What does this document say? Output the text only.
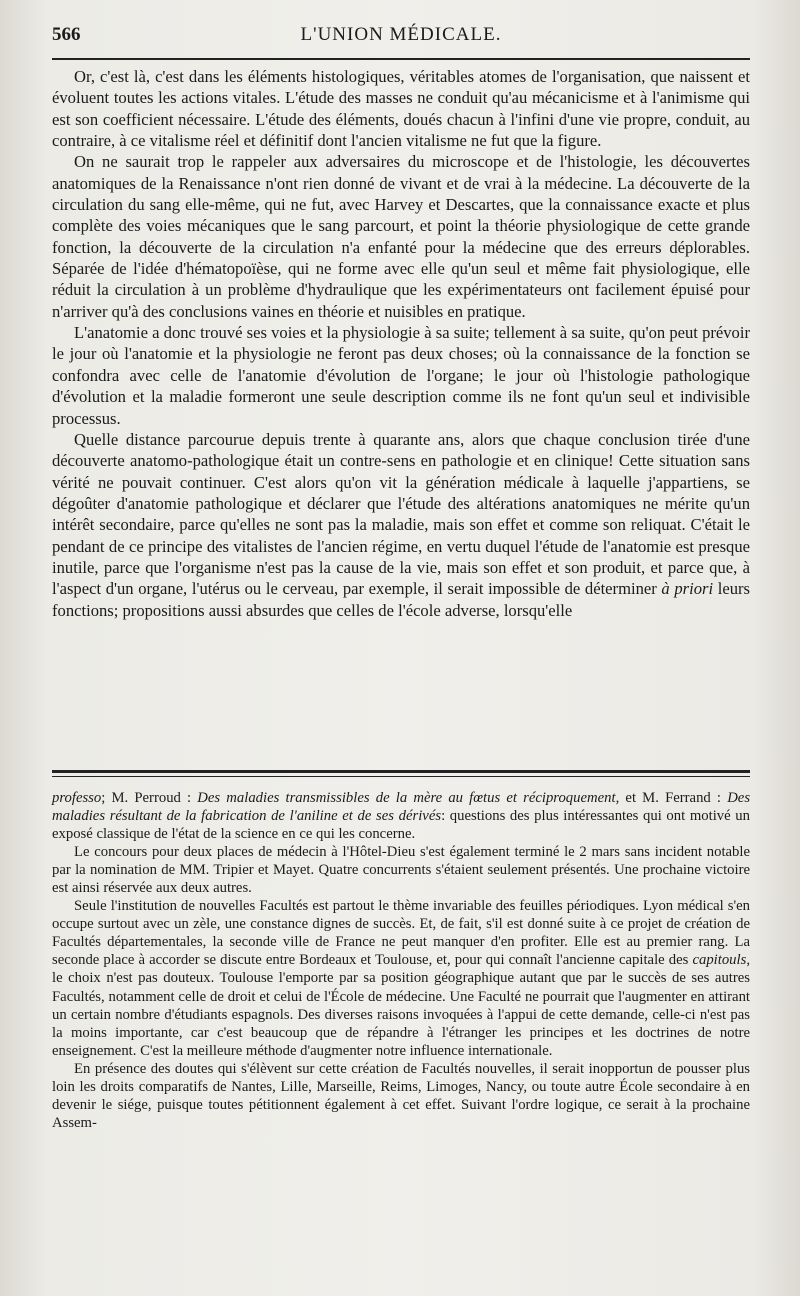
566	L'UNION MÉDICALE.

Or, c'est là, c'est dans les éléments histologiques, véritables atomes de l'organisation, que naissent et évoluent toutes les actions vitales. L'étude des masses ne conduit qu'au mécanicisme et à l'animisme qui est son coefficient nécessaire. L'étude des éléments, doués chacun à l'infini d'une vie propre, conduit, au contraire, à ce vitalisme réel et définitif dont l'ancien vitalisme ne fut que la figure.

On ne saurait trop le rappeler aux adversaires du microscope et de l'histologie, les découvertes anatomiques de la Renaissance n'ont rien donné de vivant et de vrai à la médecine. La découverte de la circulation du sang elle-même, qui ne fut, avec Harvey et Descartes, que la connaissance exacte et plus complète des voies mécaniques que le sang parcourt, et point la théorie physiologique de cette grande fonction, la découverte de la circulation n'a enfanté pour la médecine que des erreurs déplorables. Séparée de l'idée d'hématopoïèse, qui ne forme avec elle qu'un seul et même fait physiologique, elle réduit la circulation à un problème d'hydraulique que les expérimentateurs ont facilement épuisé pour n'arriver qu'à des conclusions vaines en théorie et nuisibles en pratique.

L'anatomie a donc trouvé ses voies et la physiologie à sa suite; tellement à sa suite, qu'on peut prévoir le jour où l'anatomie et la physiologie ne feront pas deux choses; où la connaissance de la fonction se confondra avec celle de l'anatomie d'évolution de l'organe; le jour où l'histologie pathologique d'évolution et la maladie formeront une seule description comme ils ne font qu'un seul et indivisible processus.

Quelle distance parcourue depuis trente à quarante ans, alors que chaque conclusion tirée d'une découverte anatomo-pathologique était un contre-sens en pathologie et en clinique! Cette situation sans vérité ne pouvait continuer. C'est alors qu'on vit la génération médicale à laquelle j'appartiens, se dégoûter d'anatomie pathologique et déclarer que l'étude des altérations anatomiques ne mérite qu'un intérêt secondaire, parce qu'elles ne sont pas la maladie, mais son effet et comme son reliquat. C'était le pendant de ce principe des vitalistes de l'ancien régime, en vertu duquel l'étude de l'anatomie est presque inutile, parce que l'organisme n'est pas la cause de la vie, mais son effet et son produit, et parce que, à l'aspect d'un organe, l'utérus ou le cerveau, par exemple, il serait impossible de déterminer à priori leurs fonctions; propositions aussi absurdes que celles de l'école adverse, lorsqu'elle

professo; M. Perroud : Des maladies transmissibles de la mère au fœtus et réciproquement, et M. Ferrand : Des maladies résultant de la fabrication de l'aniline et de ses dérivés: questions des plus intéressantes qui ont motivé un exposé classique de l'état de la science en ce qui les concerne.

Le concours pour deux places de médecin à l'Hôtel-Dieu s'est également terminé le 2 mars sans incident notable par la nomination de MM. Tripier et Mayet. Quatre concurrents s'étaient seulement présentés. Une prochaine victoire est ainsi réservée aux deux autres.

Seule l'institution de nouvelles Facultés est partout le thème invariable des feuilles périodiques. Lyon médical s'en occupe surtout avec un zèle, une constance dignes de succès. Et, de fait, s'il est donné suite à ce projet de création de Facultés départementales, la seconde ville de France ne peut manquer d'en profiter. Elle est au premier rang. La seconde place à accorder se discute entre Bordeaux et Toulouse, et, pour qui connaît l'ancienne capitale des capitouls, le choix n'est pas douteux. Toulouse l'emporte par sa position géographique autant que par le succès de ses autres Facultés, notamment celle de droit et celui de l'École de médecine. Une Faculté ne pourrait que l'augmenter en attirant un certain nombre d'étudiants espagnols. Des diverses raisons invoquées à l'appui de cette demande, celle-ci n'est pas la moins importante, car c'est beaucoup que de répandre à l'étranger les principes et les doctrines de notre enseignement. C'est la meilleure méthode d'augmenter notre influence internationale.

En présence des doutes qui s'élèvent sur cette création de Facultés nouvelles, il serait inopportun de pousser plus loin les droits comparatifs de Nantes, Lille, Marseille, Reims, Limoges, Nancy, ou toute autre École secondaire à en devenir le siége, puisque toutes pétitionnent également à cet effet. Suivant l'ordre logique, ce serait à la prochaine Assem-
